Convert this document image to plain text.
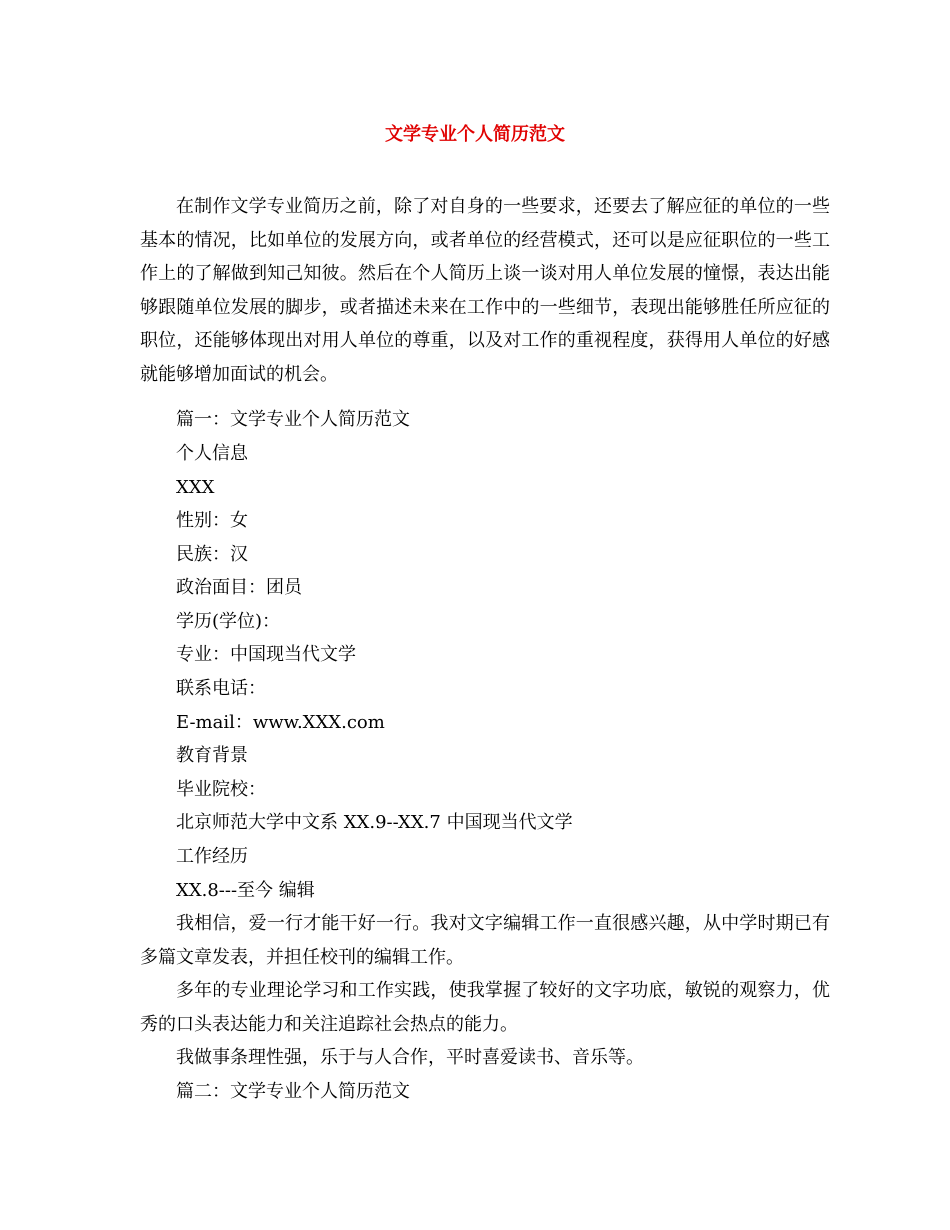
文学专业个人简历范文

在制作文学专业简历之前，除了对自身的一些要求，还要去了解应征的单位的一些基本的情况，比如单位的发展方向，或者单位的经营模式，还可以是应征职位的一些工作上的了解做到知己知彼。然后在个人简历上谈一谈对用人单位发展的憧憬，表达出能够跟随单位发展的脚步，或者描述未来在工作中的一些细节，表现出能够胜任所应征的职位，还能够体现出对用人单位的尊重，以及对工作的重视程度，获得用人单位的好感就能够增加面试的机会。

篇一：文学专业个人简历范文

个人信息

XXX

性别：女

民族：汉

政治面目：团员

学历(学位)：

专业：中国现当代文学

联系电话：

E-mail：www.XXX.com

教育背景

毕业院校：

北京师范大学中文系 XX.9--XX.7 中国现当代文学

工作经历

XX.8---至今 编辑

我相信，爱一行才能干好一行。我对文字编辑工作一直很感兴趣，从中学时期已有多篇文章发表，并担任校刊的编辑工作。

多年的专业理论学习和工作实践，使我掌握了较好的文字功底，敏锐的观察力，优秀的口头表达能力和关注追踪社会热点的能力。

我做事条理性强，乐于与人合作，平时喜爱读书、音乐等。

篇二：文学专业个人简历范文
